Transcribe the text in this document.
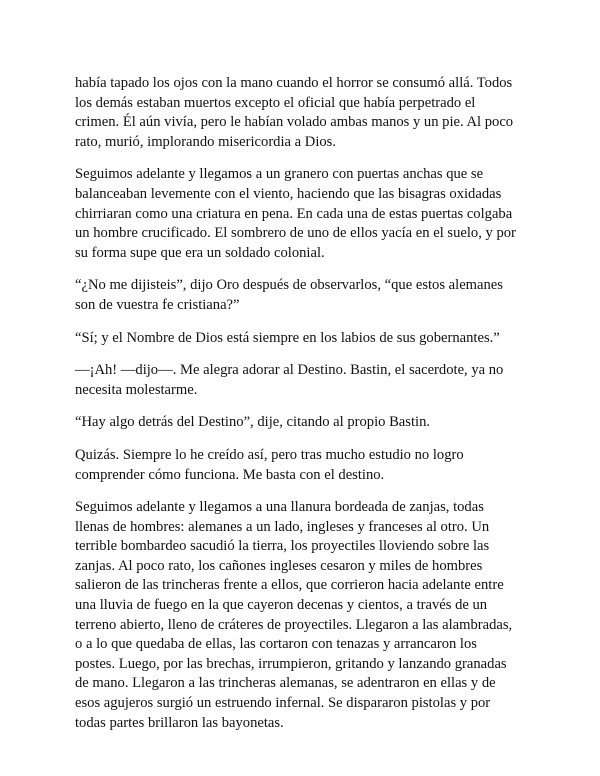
había tapado los ojos con la mano cuando el horror se consumó allá. Todos
los demás estaban muertos excepto el oficial que había perpetrado el
crimen. Él aún vivía, pero le habían volado ambas manos y un pie. Al poco
rato, murió, implorando misericordia a Dios.

Seguimos adelante y llegamos a un granero con puertas anchas que se
balanceaban levemente con el viento, haciendo que las bisagras oxidadas
chirriaran como una criatura en pena. En cada una de estas puertas colgaba
un hombre crucificado. El sombrero de uno de ellos yacía en el suelo, y por
su forma supe que era un soldado colonial.

“¿No me dijisteis”, dijo Oro después de observarlos, “que estos alemanes
son de vuestra fe cristiana?”

“Sí; y el Nombre de Dios está siempre en los labios de sus gobernantes.”

—¡Ah! —dijo—. Me alegra adorar al Destino. Bastin, el sacerdote, ya no
necesita molestarme.

“Hay algo detrás del Destino”, dije, citando al propio Bastin.

Quizás. Siempre lo he creído así, pero tras mucho estudio no logro
comprender cómo funciona. Me basta con el destino.

Seguimos adelante y llegamos a una llanura bordeada de zanjas, todas
llenas de hombres: alemanes a un lado, ingleses y franceses al otro. Un
terrible bombardeo sacudió la tierra, los proyectiles lloviendo sobre las
zanjas. Al poco rato, los cañones ingleses cesaron y miles de hombres
salieron de las trincheras frente a ellos, que corrieron hacia adelante entre
una lluvia de fuego en la que cayeron decenas y cientos, a través de un
terreno abierto, lleno de cráteres de proyectiles. Llegaron a las alambradas,
o a lo que quedaba de ellas, las cortaron con tenazas y arrancaron los
postes. Luego, por las brechas, irrumpieron, gritando y lanzando granadas
de mano. Llegaron a las trincheras alemanas, se adentraron en ellas y de
esos agujeros surgió un estruendo infernal. Se dispararon pistolas y por
todas partes brillaron las bayonetas.
